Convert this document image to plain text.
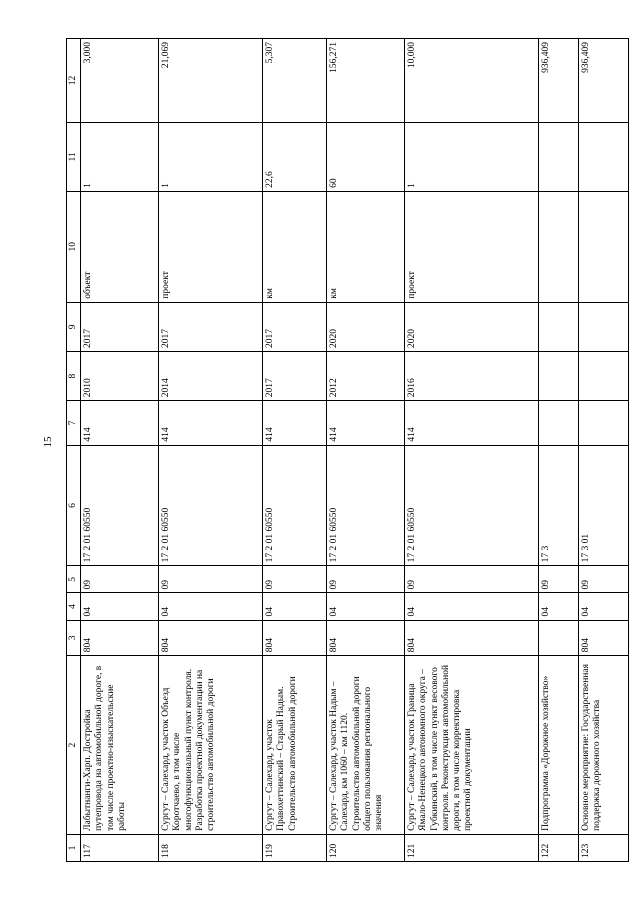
15
1	2	3	4	5	6	7	8	9	10	11	12
117	Лабытнанги-Харп. Достройка путепровода на автомобильной дороге, в том числе проектно-изыскательские работы	804	04	09	17 2 01 60550	414	2010	2017	объект	1	3,000
118	Сургут – Салехард, участок Объезд Коротчаево, в том числе многофункциональный пункт контроля. Разработка проектной документации на строительство автомобильной дороги	804	04	09	17 2 01 60550	414	2014	2017	проект	1	21,069
119	Сургут – Салехард, участок Правохеттинский – Старый Надым. Строительство автомобильной дороги	804	04	09	17 2 01 60550	414	2017	2017	км	22,6	5,307
120	Сургут – Салехард, участок Надым – Салехард, км 1060 – км 1120. Строительство автомобильной дороги общего пользования регионального значения	804	04	09	17 2 01 60550	414	2012	2020	км	60	156,271
121	Сургут – Салехард, участок Граница Ямало-Ненецкого автономного округа – Губкинский, в том числе пункт весового контроля. Реконструкция автомобильной дороги, в том числе корректировка проектной документации	804	04	09	17 2 01 60550	414	2016	2020	проект	1	10,000
122	Подпрограмма «Дорожное хозяйство»		04	09	17 3						936,409
123	Основное мероприятие: Государственная поддержка дорожного хозяйства	804	04	09	17 3 01						936,409
